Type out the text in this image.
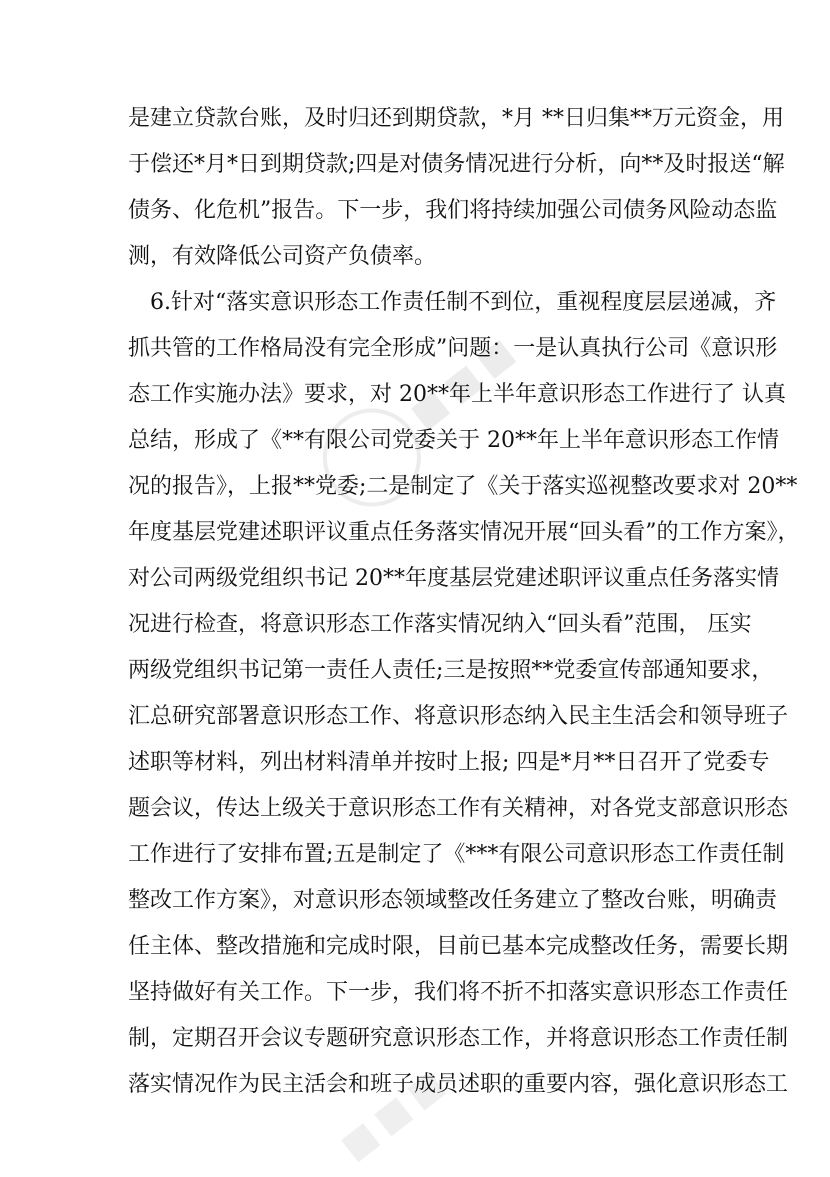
▪▪▪
▪▪▪
是建立贷款台账，及时归还到期贷款，*月 **日归集**万元资金，用
于偿还*月*日到期贷款;四是对债务情况进行分析，向**及时报送“解
债务、化危机”报告。下一步，我们将持续加强公司债务风险动态监
测，有效降低公司资产负债率。
6.针对“落实意识形态工作责任制不到位，重视程度层层递减，齐
抓共管的工作格局没有完全形成”问题：一是认真执行公司《意识形
态工作实施办法》要求，对 20**年上半年意识形态工作进行了 认真
总结，形成了《**有限公司党委关于 20**年上半年意识形态工作情
况的报告》，上报**党委;二是制定了《关于落实巡视整改要求对 20**
年度基层党建述职评议重点任务落实情况开展“回头看”的工作方案》，
对公司两级党组织书记 20**年度基层党建述职评议重点任务落实情
况进行检查，将意识形态工作落实情况纳入“回头看”范围， 压实
两级党组织书记第一责任人责任;三是按照**党委宣传部通知要求，
汇总研究部署意识形态工作、将意识形态纳入民主生活会和领导班子
述职等材料，列出材料清单并按时上报; 四是*月**日召开了党委专
题会议，传达上级关于意识形态工作有关精神，对各党支部意识形态
工作进行了安排布置;五是制定了《***有限公司意识形态工作责任制
整改工作方案》，对意识形态领域整改任务建立了整改台账，明确责
任主体、整改措施和完成时限，目前已基本完成整改任务，需要长期
坚持做好有关工作。下一步，我们将不折不扣落实意识形态工作责任
制，定期召开会议专题研究意识形态工作，并将意识形态工作责任制
落实情况作为民主活会和班子成员述职的重要内容，强化意识形态工
